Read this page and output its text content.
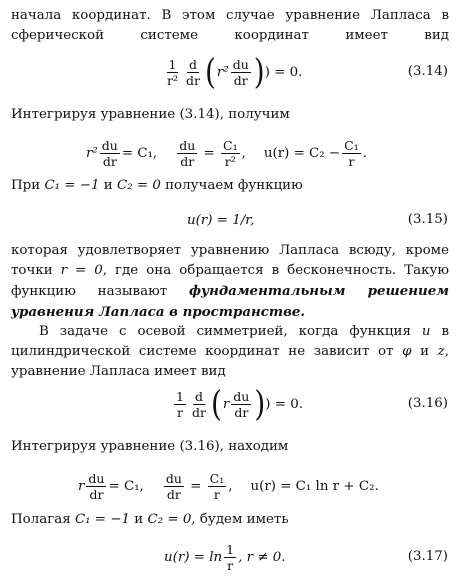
начала координат. В этом случае уравнение Лапласа в сферической системе координат имеет вид

$\frac{1}{\text{r²}} \frac{d}{dr}$ ( $r^2 \frac{du}{dr}$ ) ) = 0.	(3.14)

Интегрируя уравнение (3.14), получим

$r^2 \frac{du}{dr} = C_1$, $\frac{du}{dr} = \frac{\text{C₁}}{\text{r²}}$ , $u(r) = C_2 - \frac{\text{C₁}}{r}$ .

При C₁ = −1 и C₂ = 0 получаем функцию

u(r) = 1/r,	(3.15)

которая удовлетворяет уравнению Лапласа всюду, кроме точки r = 0, где она обращается в бесконечность. Такую функцию называют фундаментальным решением уравнения Лапласа в пространстве.

В задаче с осевой симметрией, когда функция u в цилиндрической системе координат не зависит от φ и z, уравнение Лапласа имеет вид

$\frac{1}{r} \frac{d}{dr}$ ( r $\frac{du}{dr}$ ) ) = 0.	(3.16)

Интегрируя уравнение (3.16), находим

r $\frac{du}{dr} = C_1$, $\frac{du}{dr} = \frac{\text{C₁}}{r}$ , u(r) = C₁ ln r + C₂.

Полагая C₁ = −1 и C₂ = 0, будем иметь

$u(r) = \ln \frac{1}{r}$ , r ≠ 0.	(3.17)
